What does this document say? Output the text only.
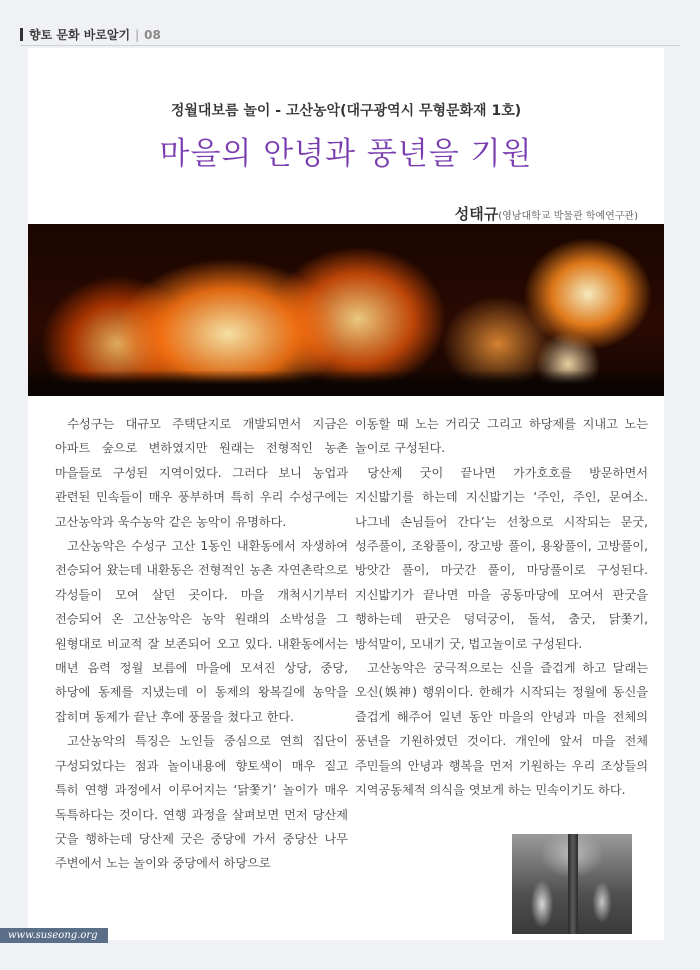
향토 문화 바로알기 | 08
정월대보름 놀이 - 고산농악(대구광역시 무형문화재 1호)
마을의 안녕과 풍년을 기원
성태규(영남대학교 박물관 학예연구관)

수성구는 대규모 주택단지로 개발되면서 지금은 아파트 숲으로 변하였지만 원래는 전형적인 농촌 마을들로 구성된 지역이었다. 그러다 보니 농업과 관련된 민속들이 매우 풍부하며 특히 우리 수성구에는 고산농악과 욱수농악 같은 농악이 유명하다.

고산농악은 수성구 고산 1동인 내환동에서 자생하여 전승되어 왔는데 내환동은 전형적인 농촌 자연촌락으로 각성들이 모여 살던 곳이다. 마을 개척시기부터 전승되어 온 고산농악은 농악 원래의 소박성을 그 원형대로 비교적 잘 보존되어 오고 있다. 내환동에서는 매년 음력 정월 보름에 마을에 모셔진 상당, 중당, 하당에 동제를 지냈는데 이 동제의 왕복길에 농악을 잡히며 동제가 끝난 후에 풍물을 쳤다고 한다.

고산농악의 특징은 노인들 중심으로 연희 집단이 구성되었다는 점과 놀이내용에 향토색이 매우 짙고 특히 연행 과정에서 이루어지는 ‘닭쫓기’ 놀이가 매우 독특하다는 것이다. 연행 과정을 살펴보면 먼저 당산제 굿을 행하는데 당산제 굿은 중당에 가서 중당산 나무 주변에서 노는 놀이와 중당에서 하당으로

이동할 때 노는 거리굿 그리고 하당제를 지내고 노는 놀이로 구성된다.

당산제 굿이 끝나면 가가호호를 방문하면서 지신밟기를 하는데 지신밟기는 ‘주인, 주인, 문여소. 나그네 손님들어 간다’는 선창으로 시작되는 문굿, 성주풀이, 조왕풀이, 장고방 풀이, 용왕풀이, 고방풀이, 방앗간 풀이, 마굿간 풀이, 마당풀이로 구성된다. 지신밟기가 끝나면 마을 공동마당에 모여서 판굿을 행하는데 판굿은 덩덕궁이, 돌석, 춤굿, 닭쫓기, 방석말이, 모내기 굿, 법고놀이로 구성된다.

고산농악은 궁극적으로는 신을 즐겁게 하고 달래는 오신(娛神) 행위이다. 한해가 시작되는 정월에 동신을 즐겁게 해주어 일년 동안 마을의 안녕과 마을 전체의 풍년을 기원하였던 것이다. 개인에 앞서 마을 전체 주민들의 안녕과 행복을 먼저 기원하는 우리 조상들의 지역공동체적 의식을 엿보게 하는 민속이기도 하다.

www.suseong.org
